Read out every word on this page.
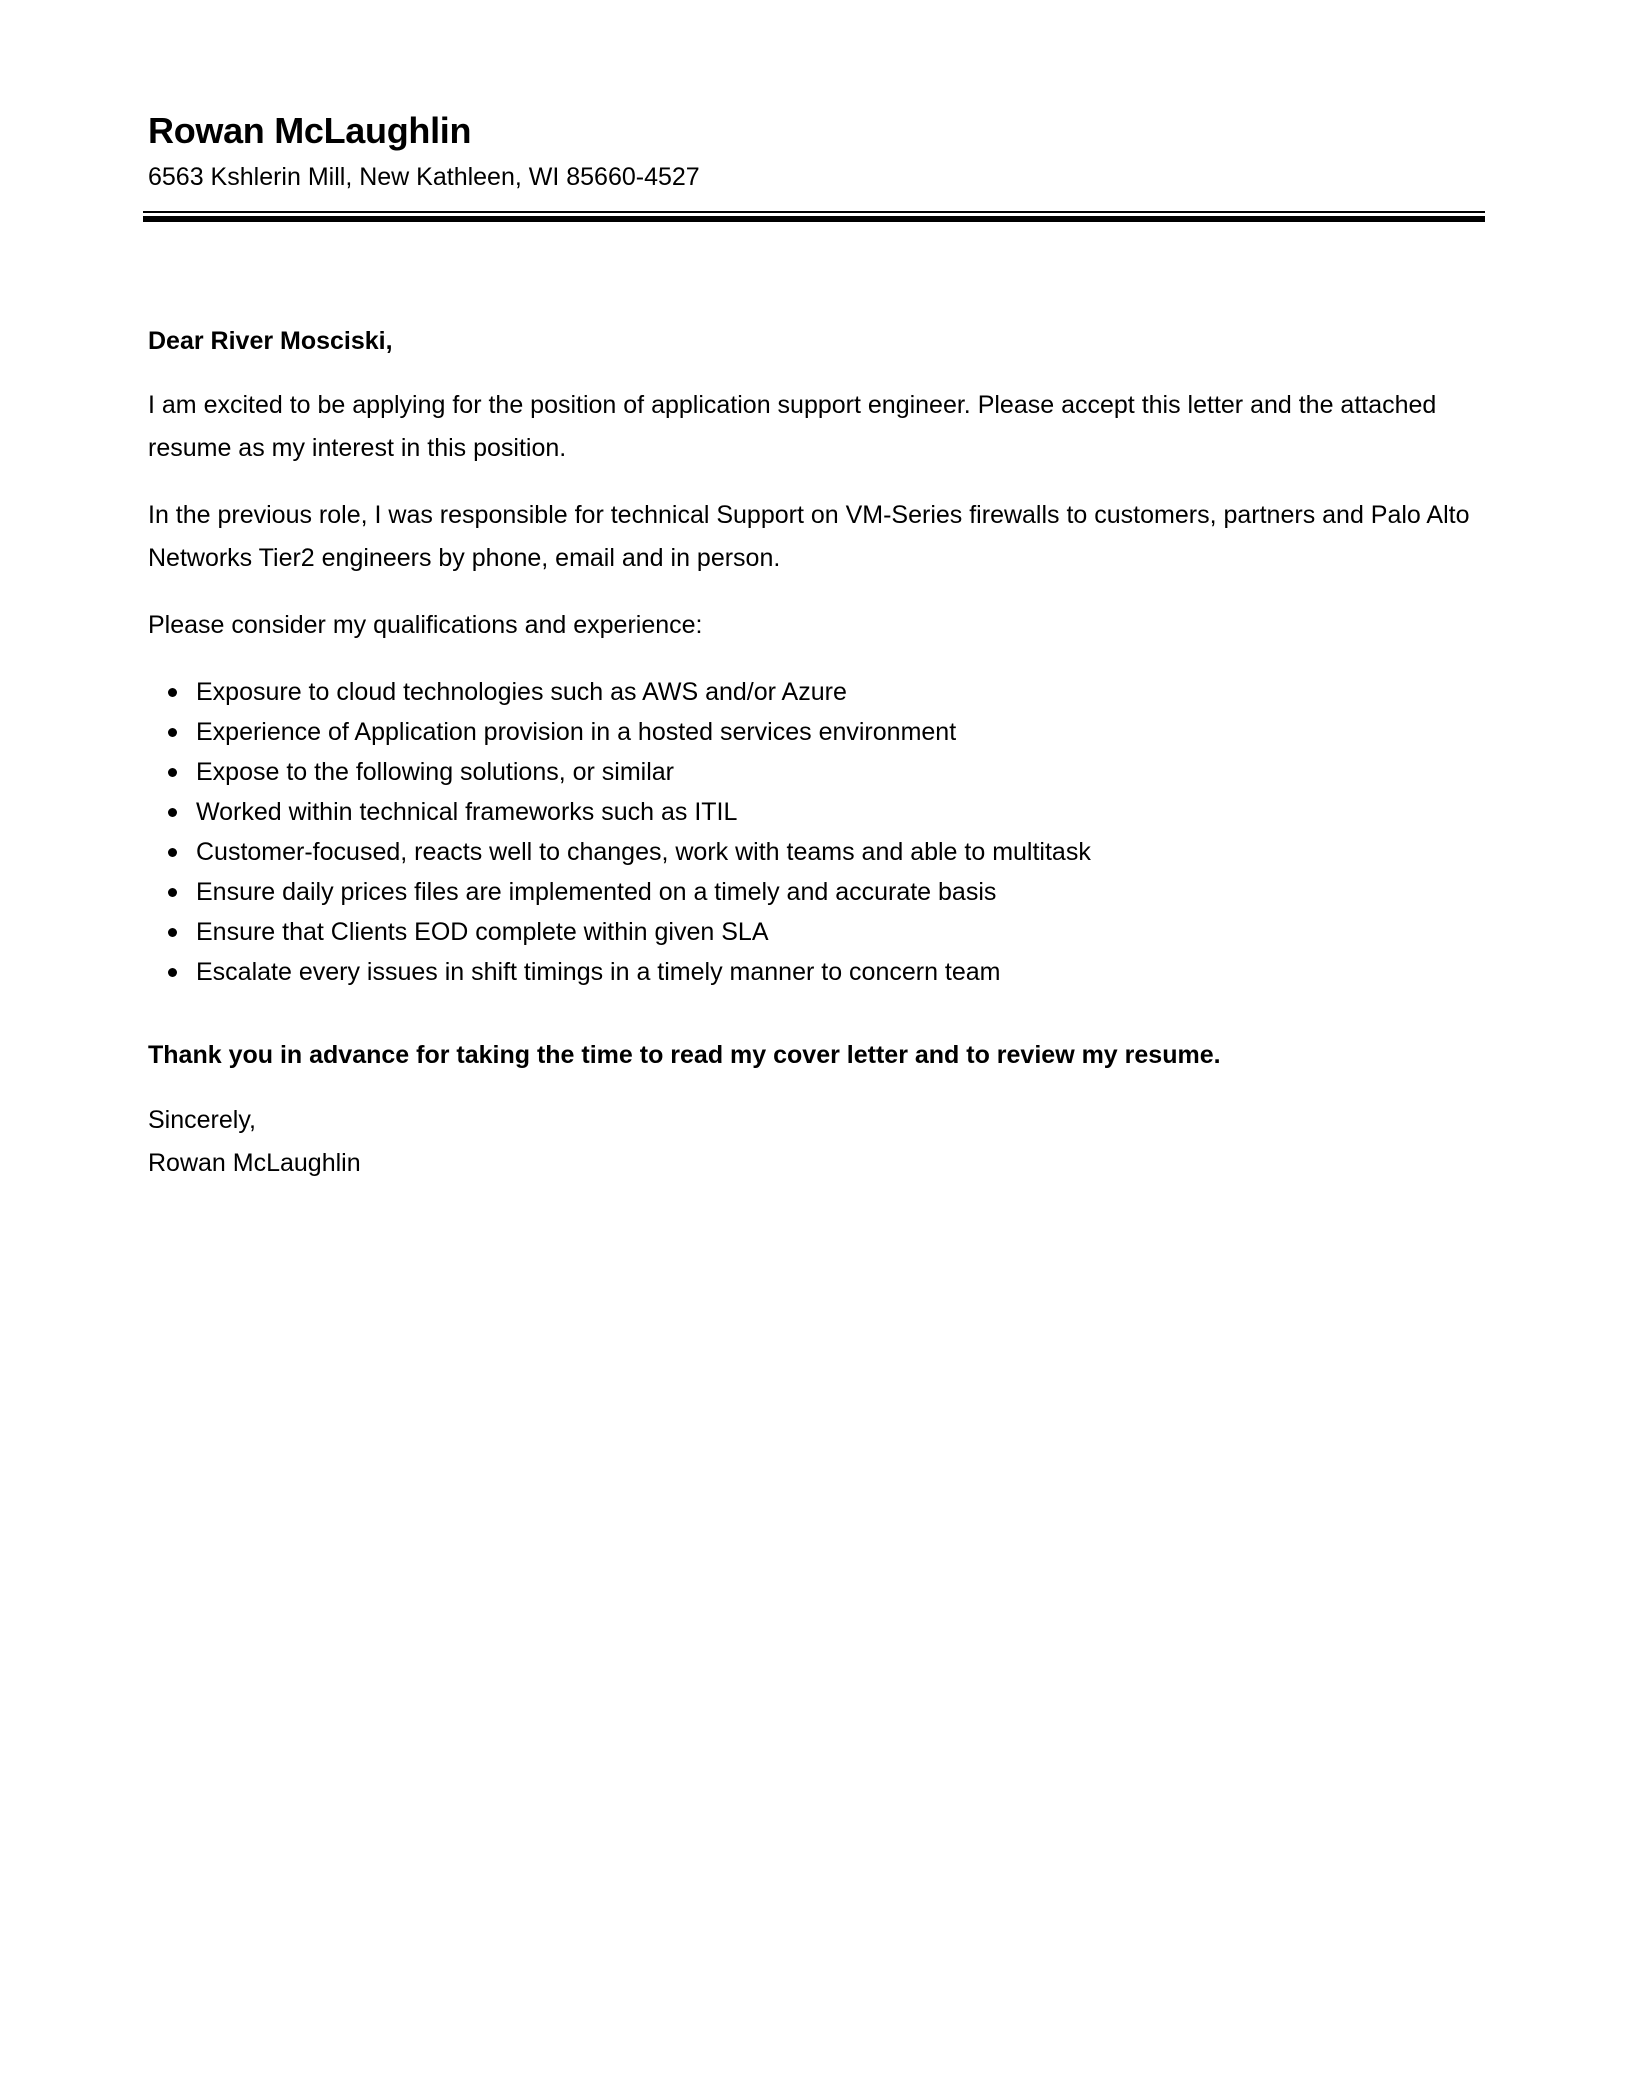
Rowan McLaughlin
6563 Kshlerin Mill, New Kathleen, WI 85660-4527
Dear River Mosciski,
I am excited to be applying for the position of application support engineer. Please accept this letter and the attached resume as my interest in this position.
In the previous role, I was responsible for technical Support on VM-Series firewalls to customers, partners and Palo Alto Networks Tier2 engineers by phone, email and in person.
Please consider my qualifications and experience:
Exposure to cloud technologies such as AWS and/or Azure
Experience of Application provision in a hosted services environment
Expose to the following solutions, or similar
Worked within technical frameworks such as ITIL
Customer-focused, reacts well to changes, work with teams and able to multitask
Ensure daily prices files are implemented on a timely and accurate basis
Ensure that Clients EOD complete within given SLA
Escalate every issues in shift timings in a timely manner to concern team
Thank you in advance for taking the time to read my cover letter and to review my resume.
Sincerely,
Rowan McLaughlin
